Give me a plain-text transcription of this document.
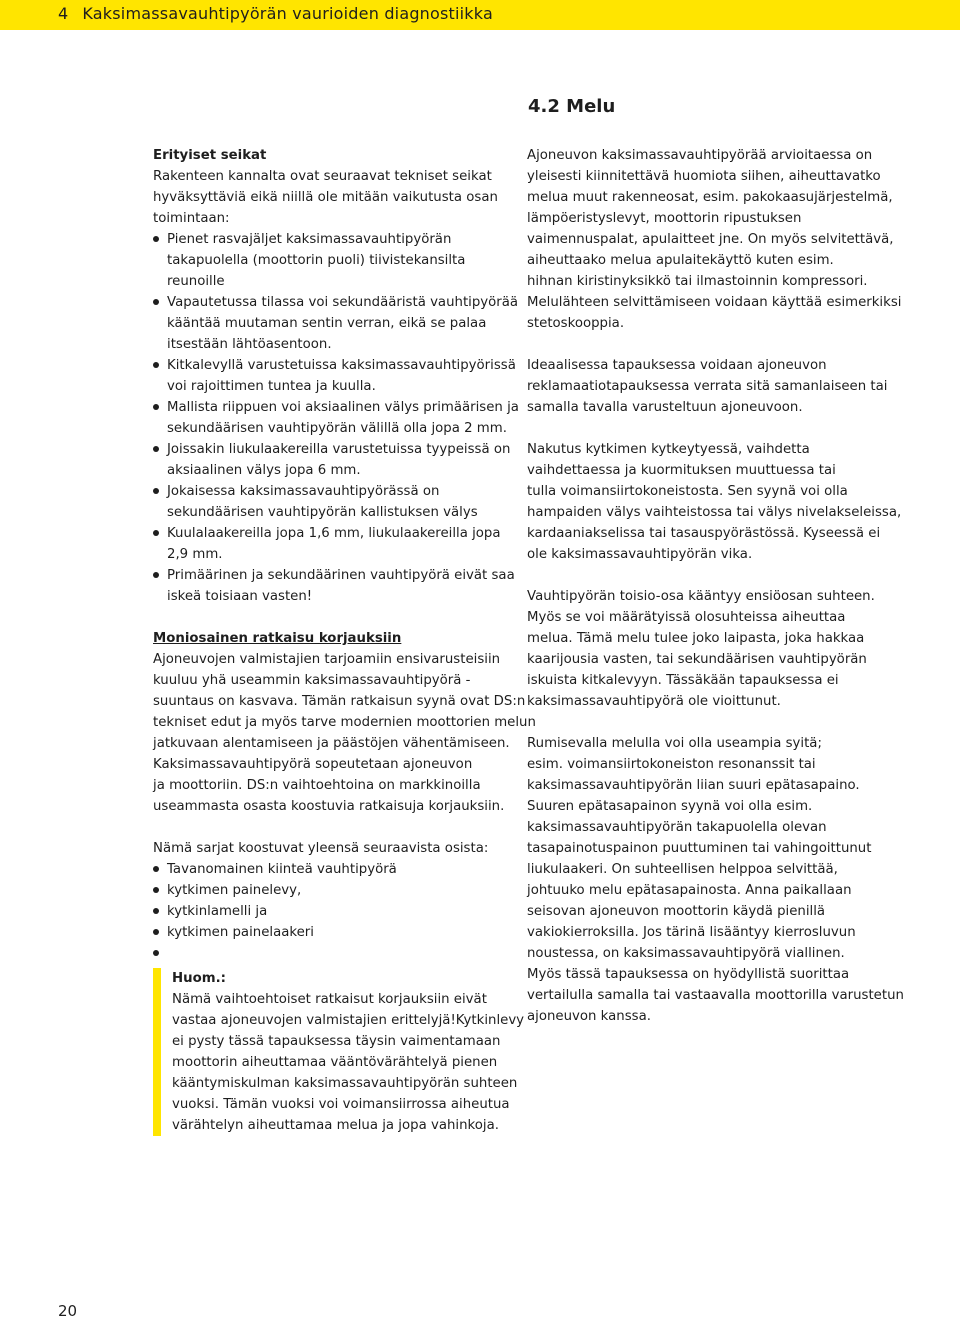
4 Kaksimassavauhtipyörän vaurioiden diagnostiikka
4.2 Melu
Erityiset seikat
Rakenteen kannalta ovat seuraavat tekniset seikat
hyväksyttäviä eikä niillä ole mitään vaikutusta osan
toimintaan:
Pienet rasvajäljet kaksimassavauhtipyörän
takapuolella (moottorin puoli) tiivistekansilta
reunoille
Vapautetussa tilassa voi sekundääristä vauhtipyörää
kääntää muutaman sentin verran, eikä se palaa
itsestään lähtöasentoon.
Kitkalevyllä varustetuissa kaksimassavauhtipyörissä
voi rajoittimen tuntea ja kuulla.
Mallista riippuen voi aksiaalinen välys primäärisen ja
sekundäärisen vauhtipyörän välillä olla jopa 2 mm.
Joissakin liukulaakereilla varustetuissa tyypeissä on
aksiaalinen välys jopa 6 mm.
Jokaisessa kaksimassavauhtipyörässä on
sekundäärisen vauhtipyörän kallistuksen välys
Kuulalaakereilla jopa 1,6 mm, liukulaakereilla jopa
2,9 mm.
Primäärinen ja sekundäärinen vauhtipyörä eivät saa
iskeä toisiaan vasten!
Moniosainen ratkaisu korjauksiin
Ajoneuvojen valmistajien tarjoamiin ensivarusteisiin
kuuluu yhä useammin kaksimassavauhtipyörä -
suuntaus on kasvava. Tämän ratkaisun syynä ovat DS:n
tekniset edut ja myös tarve modernien moottorien melun
jatkuvaan alentamiseen ja päästöjen vähentämiseen.
Kaksimassavauhtipyörä sopeutetaan ajoneuvon
ja moottoriin. DS:n vaihtoehtoina on markkinoilla
useammasta osasta koostuvia ratkaisuja korjauksiin.
Nämä sarjat koostuvat yleensä seuraavista osista:
Tavanomainen kiinteä vauhtipyörä
kytkimen painelevy,
kytkinlamelli ja
kytkimen painelaakeri
Huom.:
Nämä vaihtoehtoiset ratkaisut korjauksiin eivät
vastaa ajoneuvojen valmistajien erittelyjä!Kytkinlevy
ei pysty tässä tapauksessa täysin vaimentamaan
moottorin aiheuttamaa vääntövärähtelyä pienen
kääntymiskulman kaksimassavauhtipyörän suhteen
vuoksi. Tämän vuoksi voi voimansiirrossa aiheutua
värähtelyn aiheuttamaa melua ja jopa vahinkoja.
Ajoneuvon kaksimassavauhtipyörää arvioitaessa on
yleisesti kiinnitettävä huomiota siihen, aiheuttavatko
melua muut rakenneosat, esim. pakokaasujärjestelmä,
lämpöeristyslevyt, moottorin ripustuksen
vaimennuspalat, apulaitteet jne. On myös selvitettävä,
aiheuttaako melua apulaitekäyttö kuten esim.
hihnan kiristinyksikkö tai ilmastoinnin kompressori.
Melulähteen selvittämiseen voidaan käyttää esimerkiksi
stetoskooppia.
Ideaalisessa tapauksessa voidaan ajoneuvon
reklamaatiotapauksessa verrata sitä samanlaiseen tai
samalla tavalla varusteltuun ajoneuvoon.
Nakutus kytkimen kytkeytyessä, vaihdetta
vaihdettaessa ja kuormituksen muuttuessa tai
tulla voimansiirtokoneistosta. Sen syynä voi olla
hampaiden välys vaihteistossa tai välys nivelakseleissa,
kardaaniakselissa tai tasauspyörästössä. Kyseessä ei
ole kaksimassavauhtipyörän vika.
Vauhtipyörän toisio-osa kääntyy ensiöosan suhteen.
Myös se voi määrätyissä olosuhteissa aiheuttaa
melua. Tämä melu tulee joko laipasta, joka hakkaa
kaarijousia vasten, tai sekundäärisen vauhtipyörän
iskuista kitkalevyyn. Tässäkään tapauksessa ei
kaksimassavauhtipyörä ole vioittunut.
Rumisevalla melulla voi olla useampia syitä;
esim. voimansiirtokoneiston resonanssit tai
kaksimassavauhtipyörän liian suuri epätasapaino.
Suuren epätasapainon syynä voi olla esim.
kaksimassavauhtipyörän takapuolella olevan
tasapainotuspainon puuttuminen tai vahingoittunut
liukulaakeri. On suhteellisen helppoa selvittää,
johtuuko melu epätasapainosta. Anna paikallaan
seisovan ajoneuvon moottorin käydä pienillä
vakiokierroksilla. Jos tärinä lisääntyy kierrosluvun
noustessa, on kaksimassavauhtipyörä viallinen.
Myös tässä tapauksessa on hyödyllistä suorittaa
vertailulla samalla tai vastaavalla moottorilla varustetun
ajoneuvon kanssa.
20
